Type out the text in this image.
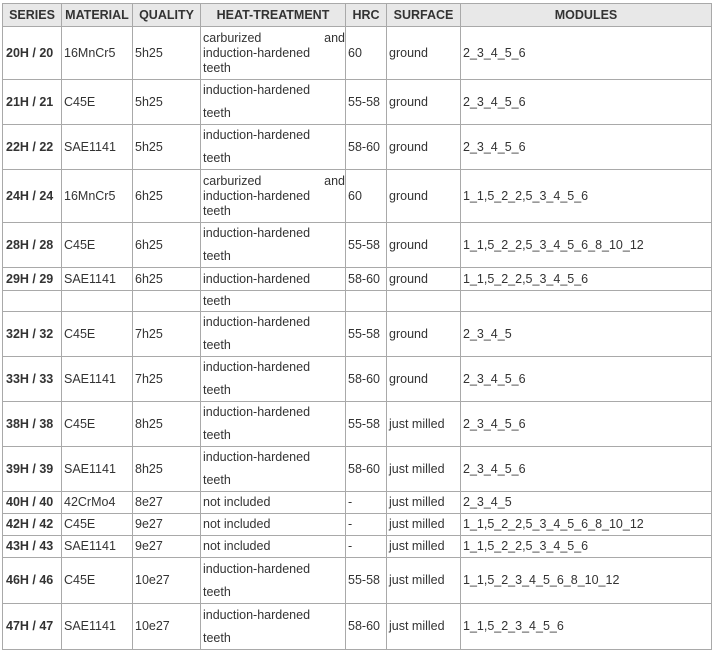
SERIES	MATERIAL	QUALITY	HEAT-TREATMENT	HRC	SURFACE	MODULES
20H / 20	16MnCr5	5h25	carburized and
induction-hardened
teeth	60	ground	2_3_4_5_6
21H / 21	C45E	5h25	induction-hardened
teeth	55-58	ground	2_3_4_5_6
22H / 22	SAE1141	5h25	induction-hardened
teeth	58-60	ground	2_3_4_5_6
24H / 24	16MnCr5	6h25	carburized and
induction-hardened
teeth	60	ground	1_1,5_2_2,5_3_4_5_6
28H / 28	C45E	6h25	induction-hardened
teeth	55-58	ground	1_1,5_2_2,5_3_4_5_6_8_10_12
29H / 29	SAE1141	6h25	induction-hardened	58-60	ground	1_1,5_2_2,5_3_4_5_6

			teeth			

32H / 32	C45E	7h25	induction-hardened
teeth	55-58	ground	2_3_4_5
33H / 33	SAE1141	7h25	induction-hardened
teeth	58-60	ground	2_3_4_5_6
38H / 38	C45E	8h25	induction-hardened
teeth	55-58	just milled	2_3_4_5_6
39H / 39	SAE1141	8h25	induction-hardened
teeth	58-60	just milled	2_3_4_5_6
40H / 40	42CrMo4	8e27	not included	-	just milled	2_3_4_5
42H / 42	C45E	9e27	not included	-	just milled	1_1,5_2_2,5_3_4_5_6_8_10_12
43H / 43	SAE1141	9e27	not included	-	just milled	1_1,5_2_2,5_3_4_5_6
46H / 46	C45E	10e27	induction-hardened
teeth	55-58	just milled	1_1,5_2_3_4_5_6_8_10_12
47H / 47	SAE1141	10e27	induction-hardened
teeth	58-60	just milled	1_1,5_2_3_4_5_6
